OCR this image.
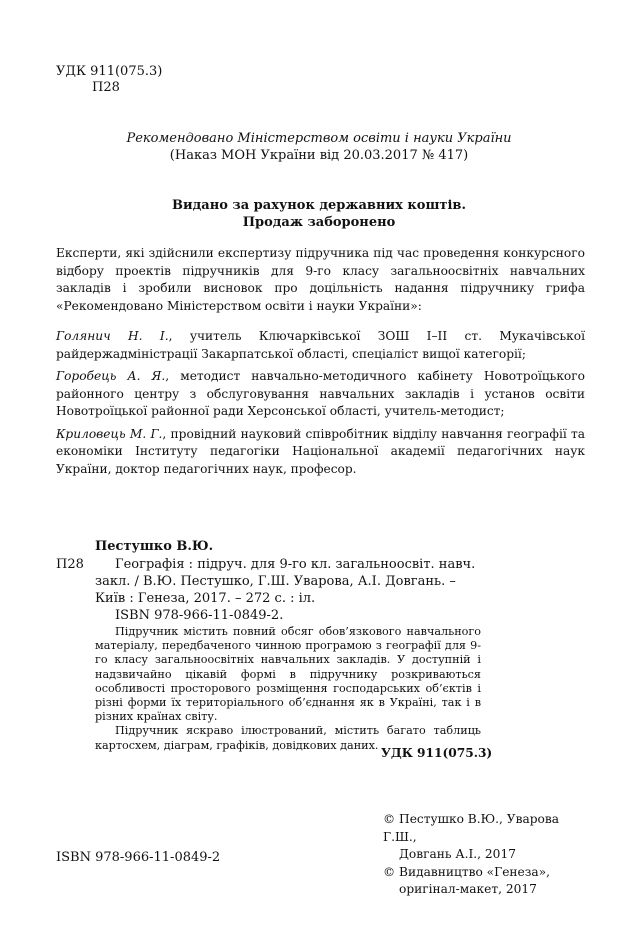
УДК 911(075.3)
П28
Рекомендовано Міністерством освіти і науки України
(Наказ МОН України від 20.03.2017 № 417)
Видано за рахунок державних коштів.
Продаж заборонено

Експерти, які здійснили експертизу підручника під час проведення конкурсного відбору проектів підручників для 9-го класу загальноосвітніх навчальних закладів і зробили висновок про доцільність надання підручнику грифа «Рекомендовано Міністерством освіти і науки України»:

Голянич Н. І., учитель Ключарківської ЗОШ І–ІІ ст. Мукачівської райдержадміністрації Закарпатської області, спеціаліст вищої категорії;

Горобець А. Я., методист навчально-методичного кабінету Новотроїцького районного центру з обслуговування навчальних закладів і установ освіти Новотроїцької районної ради Херсонської області, учитель-методист;

Криловець М. Г., провідний науковий співробітник відділу навчання географії та економіки Інституту педагогіки Національної академії педагогічних наук України, доктор педагогічних наук, професор.

Пестушко В.Ю.
П28	Географія : підруч. для 9-го кл. загальноосвіт. навч.
закл. / В.Ю. Пестушко, Г.Ш. Уварова, А.І. Довгань. –
Київ : Генеза, 2017. – 272 с. : іл.
ISBN 978-966-11-0849-2.

Підручник містить повний обсяг обов’язкового навчального матеріалу, передбаченого чинною програмою з географії для 9-го класу загальноосвітніх навчальних закладів. У доступній і надзвичайно цікавій формі в підручнику розкриваються особливості просторового розміщення господарських об’єктів і різні форми їх територіального об’єднання як в Україні, так і в різних країнах світу.

Підручник яскраво ілюстрований, містить багато таблиць картосхем, діаграм, графіків, довідкових даних.

УДК 911(075.3)
ISBN 978-966-11-0849-2
© Пестушко В.Ю., Уварова Г.Ш.,
Довгань А.І., 2017
© Видавництво «Генеза»,
оригінал-макет, 2017
